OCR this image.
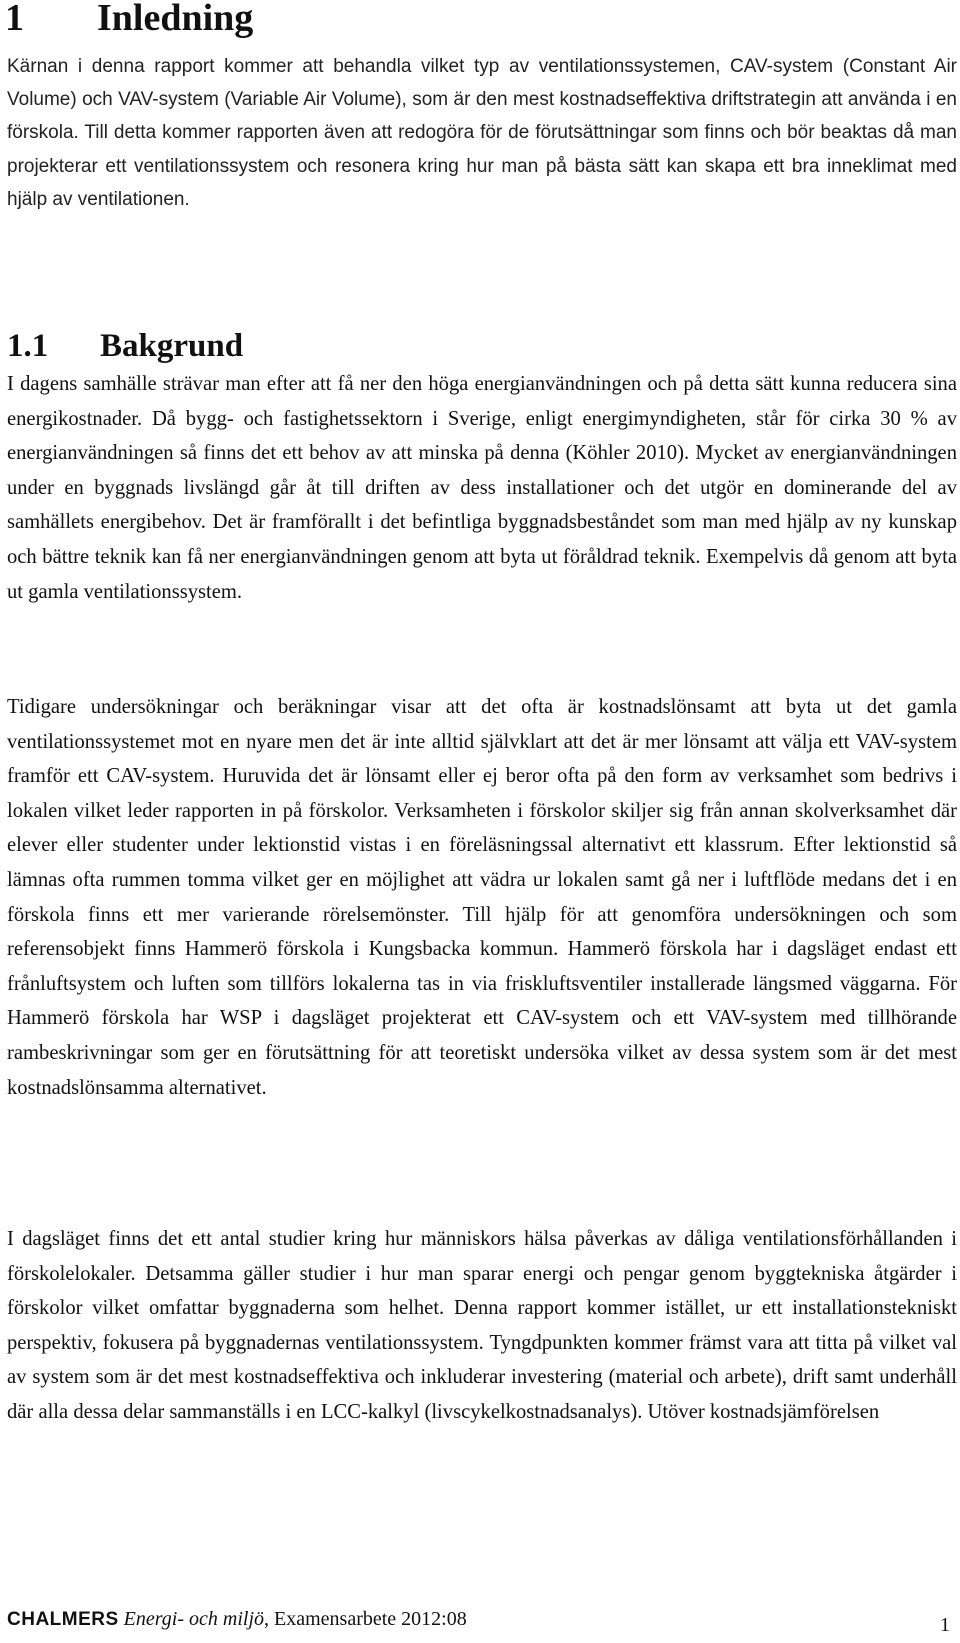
1 Inledning

Kärnan i denna rapport kommer att behandla vilket typ av ventilationssystemen, CAV-system (Constant Air Volume) och VAV-system (Variable Air Volume), som är den mest kostnadseffektiva driftstrategin att använda i en förskola. Till detta kommer rapporten även att redogöra för de förutsättningar som finns och bör beaktas då man projekterar ett ventilationssystem och resonera kring hur man på bästa sätt kan skapa ett bra inneklimat med hjälp av ventilationen.

1.1 Bakgrund

I dagens samhälle strävar man efter att få ner den höga energianvändningen och på detta sätt kunna reducera sina energikostnader. Då bygg- och fastighetssektorn i Sverige, enligt energimyndigheten, står för cirka 30 % av energianvändningen så finns det ett behov av att minska på denna (Köhler 2010). Mycket av energianvändningen under en byggnads livslängd går åt till driften av dess installationer och det utgör en dominerande del av samhällets energibehov. Det är framförallt i det befintliga byggnadsbeståndet som man med hjälp av ny kunskap och bättre teknik kan få ner energianvändningen genom att byta ut föråldrad teknik. Exempelvis då genom att byta ut gamla ventilationssystem.

Tidigare undersökningar och beräkningar visar att det ofta är kostnadslönsamt att byta ut det gamla ventilationssystemet mot en nyare men det är inte alltid självklart att det är mer lönsamt att välja ett VAV-system framför ett CAV-system. Huruvida det är lönsamt eller ej beror ofta på den form av verksamhet som bedrivs i lokalen vilket leder rapporten in på förskolor. Verksamheten i förskolor skiljer sig från annan skolverksamhet där elever eller studenter under lektionstid vistas i en föreläsningssal alternativt ett klassrum. Efter lektionstid så lämnas ofta rummen tomma vilket ger en möjlighet att vädra ur lokalen samt gå ner i luftflöde medans det i en förskola finns ett mer varierande rörelsemönster. Till hjälp för att genomföra undersökningen och som referensobjekt finns Hammerö förskola i Kungsbacka kommun. Hammerö förskola har i dagsläget endast ett frånluftsystem och luften som tillförs lokalerna tas in via friskluftsventiler installerade längsmed väggarna. För Hammerö förskola har WSP i dagsläget projekterat ett CAV-system och ett VAV-system med tillhörande rambeskrivningar som ger en förutsättning för att teoretiskt undersöka vilket av dessa system som är det mest kostnadslönsamma alternativet.

I dagsläget finns det ett antal studier kring hur människors hälsa påverkas av dåliga ventilationsförhållanden i förskolelokaler. Detsamma gäller studier i hur man sparar energi och pengar genom byggtekniska åtgärder i förskolor vilket omfattar byggnaderna som helhet. Denna rapport kommer istället, ur ett installationstekniskt perspektiv, fokusera på byggnadernas ventilationssystem. Tyngdpunkten kommer främst vara att titta på vilket val av system som är det mest kostnadseffektiva och inkluderar investering (material och arbete), drift samt underhåll där alla dessa delar sammanställs i en LCC-kalkyl (livscykelkostnadsanalys). Utöver kostnadsjämförelsen

CHALMERS Energi- och miljö, Examensarbete 2012:08	1
